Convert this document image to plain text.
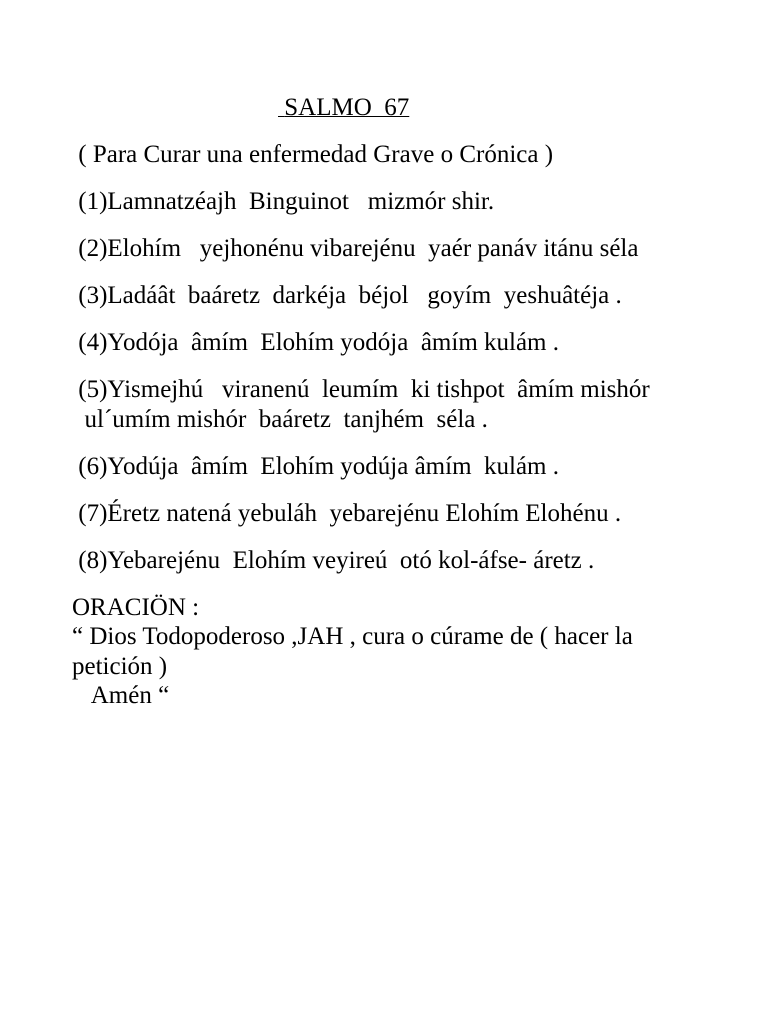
SALMO  67
( Para Curar una enfermedad Grave o Crónica )
(1)Lamnatzéajh  Binguinot   mizmór shir.
(2)Elohím   yejhonénu vibarejénu  yaér panáv itánu séla
(3)Ladáât  baáretz  darkéja  béjol   goyím  yeshuâtéja .
(4)Yodója  âmím  Elohím yodója  âmím kulám .
(5)Yismejhú   viranenú  leumím  ki tishpot  âmím mishór
ul´umím mishór  baáretz  tanjhém  séla .
(6)Yodúja  âmím  Elohím yodúja âmím  kulám .
(7)Éretz natená yebuláh  yebarejénu Elohím Elohénu .
(8)Yebarejénu  Elohím veyireú  otó kol-áfse- áretz .
ORACIÖN :
“ Dios Todopoderoso ,JAH , cura o cúrame de ( hacer la
petición )
Amén “
